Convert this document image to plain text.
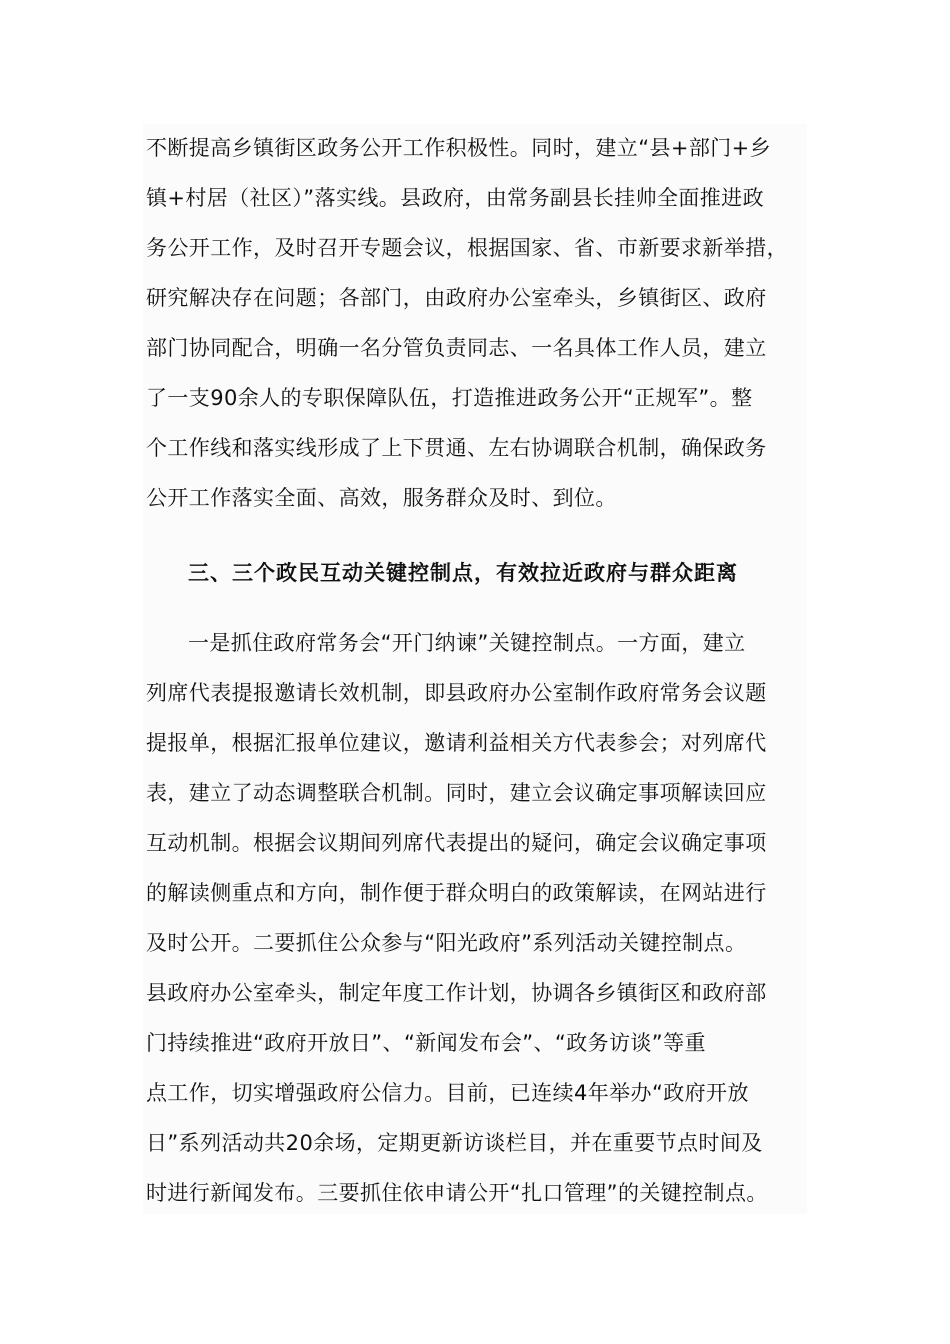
不断提高乡镇街区政务公开工作积极性。同时，建立“县+部门+乡
镇+村居（社区）”落实线。县政府，由常务副县长挂帅全面推进政
务公开工作，及时召开专题会议，根据国家、省、市新要求新举措，
研究解决存在问题；各部门，由政府办公室牵头，乡镇街区、政府
部门协同配合，明确一名分管负责同志、一名具体工作人员，建立
了一支90余人的专职保障队伍，打造推进政务公开“正规军”。整
个工作线和落实线形成了上下贯通、左右协调联合机制，确保政务
公开工作落实全面、高效，服务群众及时、到位。
三、三个政民互动关键控制点，有效拉近政府与群众距离
一是抓住政府常务会“开门纳谏”关键控制点。一方面，建立
列席代表提报邀请长效机制，即县政府办公室制作政府常务会议题
提报单，根据汇报单位建议，邀请利益相关方代表参会；对列席代
表，建立了动态调整联合机制。同时，建立会议确定事项解读回应
互动机制。根据会议期间列席代表提出的疑问，确定会议确定事项
的解读侧重点和方向，制作便于群众明白的政策解读，在网站进行
及时公开。二要抓住公众参与“阳光政府”系列活动关键控制点。
县政府办公室牵头，制定年度工作计划，协调各乡镇街区和政府部
门持续推进“政府开放日”、“新闻发布会”、“政务访谈”等重
点工作，切实增强政府公信力。目前，已连续4年举办“政府开放
日”系列活动共20余场，定期更新访谈栏目，并在重要节点时间及
时进行新闻发布。三要抓住依申请公开“扎口管理”的关键控制点。
